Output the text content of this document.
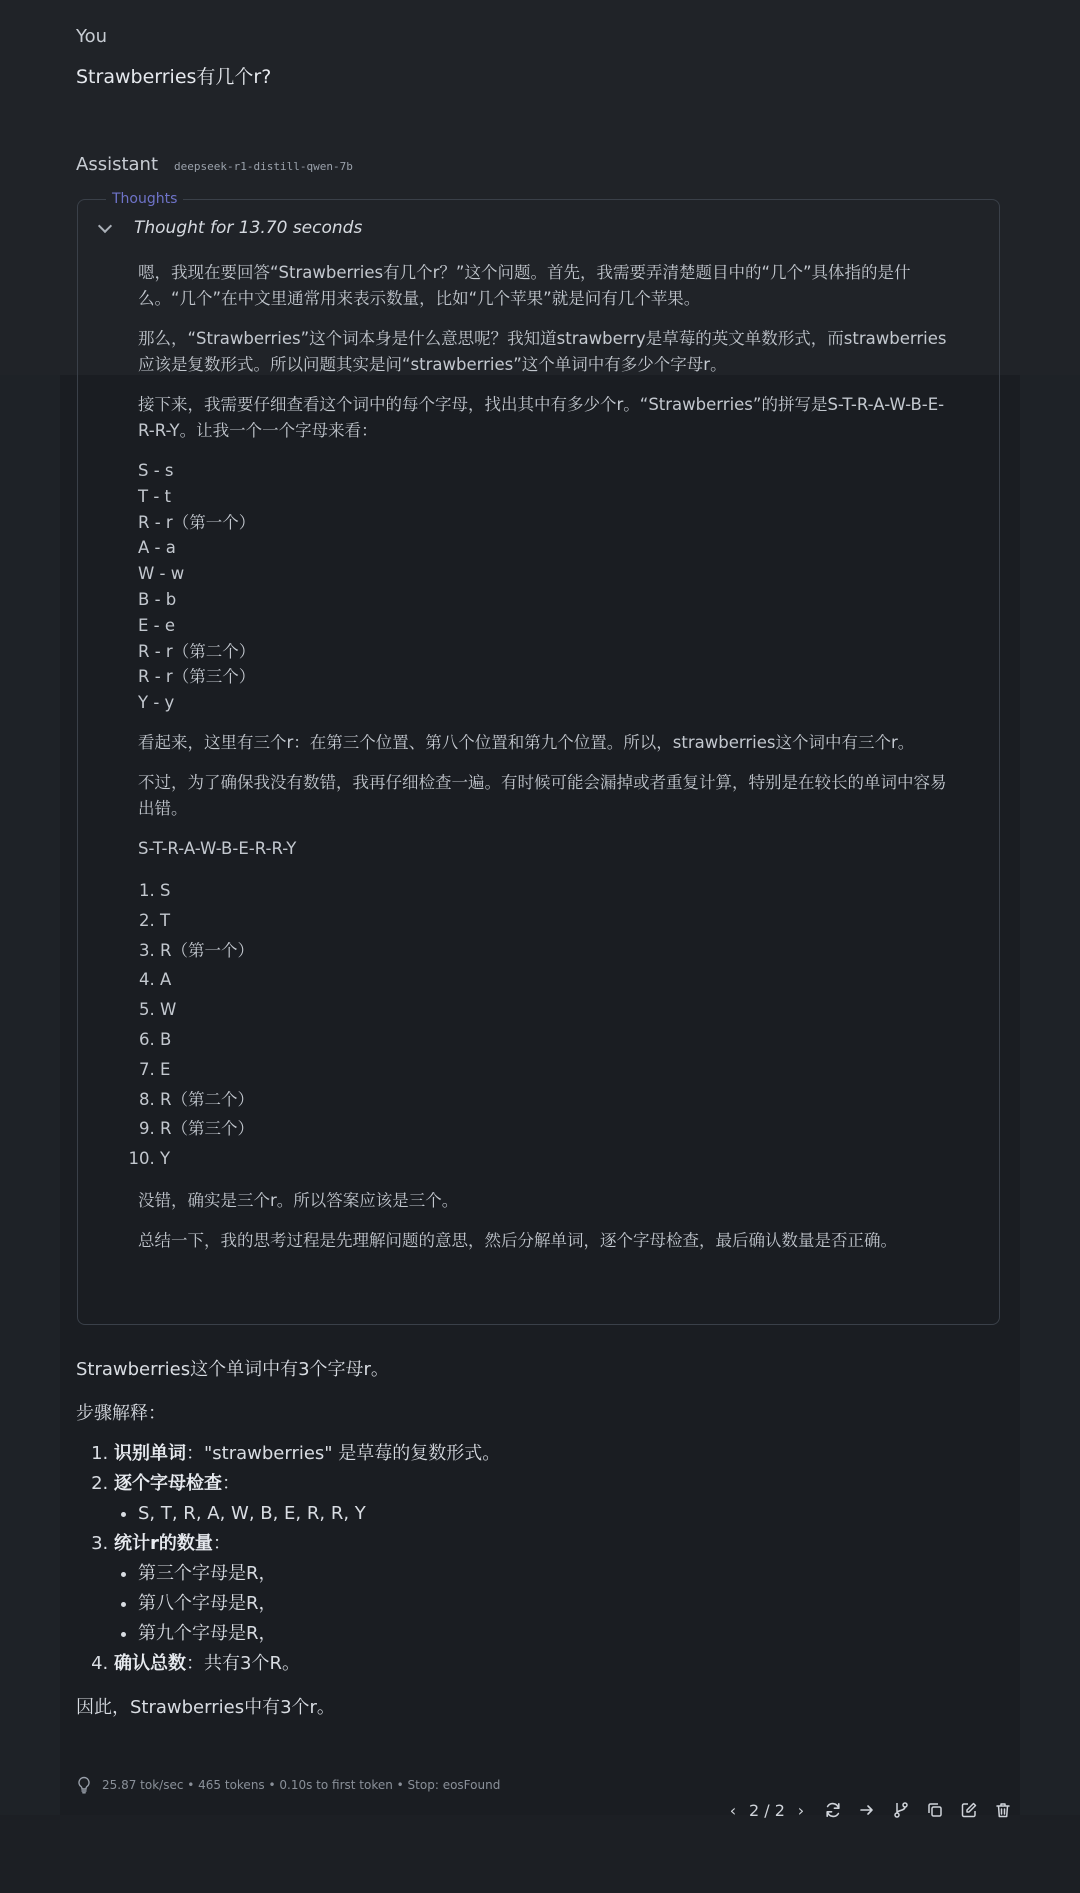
You
Strawberries有几个r?
Assistant deepseek-r1-distill-qwen-7b
Thoughts
Thought for 13.70 seconds

嗯，我现在要回答“Strawberries有几个r？”这个问题。首先，我需要弄清楚题目中的“几个”具体指的是什么。“几个”在中文里通常用来表示数量，比如“几个苹果”就是问有几个苹果。

那么，“Strawberries”这个词本身是什么意思呢？我知道strawberry是草莓的英文单数形式，而strawberries应该是复数形式。所以问题其实是问“strawberries”这个单词中有多少个字母r。

接下来，我需要仔细查看这个词中的每个字母，找出其中有多少个r。“Strawberries”的拼写是S-T-R-A-W-B-E-R-R-Y。让我一个一个字母来看：

S - s
T - t
R - r（第一个）
A - a
W - w
B - b
E - e
R - r（第二个）
R - r（第三个）
Y - y

看起来，这里有三个r：在第三个位置、第八个位置和第九个位置。所以，strawberries这个词中有三个r。

不过，为了确保我没有数错，我再仔细检查一遍。有时候可能会漏掉或者重复计算，特别是在较长的单词中容易出错。

S-T-R-A-W-B-E-R-R-Y

1. S
2. T
3. R（第一个）
4. A
5. W
6. B
7. E
8. R（第二个）
9. R（第三个）
10. Y

没错，确实是三个r。所以答案应该是三个。

总结一下，我的思考过程是先理解问题的意思，然后分解单词，逐个字母检查，最后确认数量是否正确。

Strawberries这个单词中有3个字母r。

步骤解释：

1. 识别单词："strawberries" 是草莓的复数形式。
2. 逐个字母检查：
• S, T, R, A, W, B, E, R, R, Y
3. 统计r的数量：
• 第三个字母是R，
• 第八个字母是R，
• 第九个字母是R，
4. 确认总数：共有3个R。

因此，Strawberries中有3个r。

25.87 tok/sec • 465 tokens • 0.10s to first token • Stop: eosFound
‹ 2 / 2 ›
